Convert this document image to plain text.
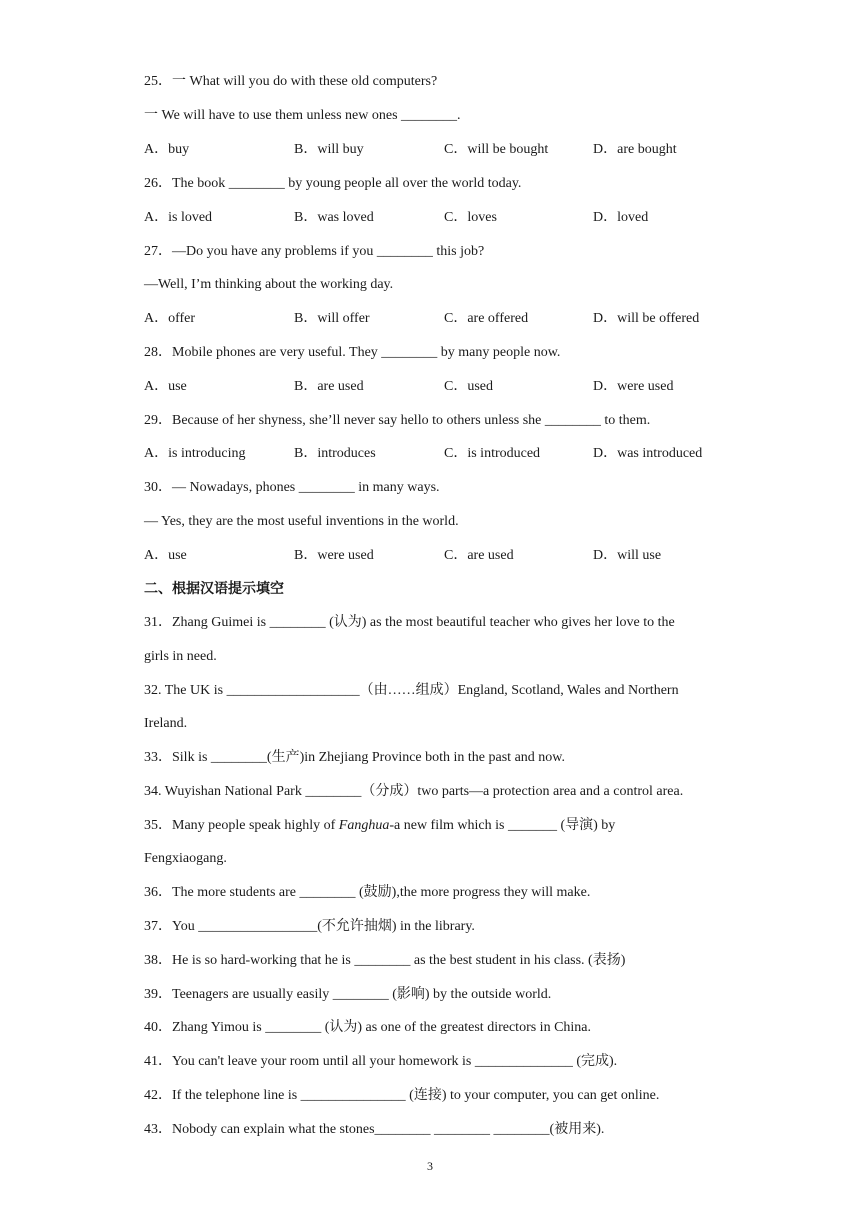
25．一 What will you do with these old computers?
一 We will have to use them unless new ones ________.
A．buy	B．will buy	C．will be bought	D．are bought
26．The book ________ by young people all over the world today.
A．is loved	B．was loved	C．loves	D．loved
27．—Do you have any problems if you ________ this job?
—Well, I’m thinking about the working day.
A．offer	B．will offer	C．are offered	D．will be offered
28．Mobile phones are very useful. They ________ by many people now.
A．use	B．are used	C．used	D．were used
29．Because of her shyness, she’ll never say hello to others unless she ________ to them.
A．is introducing	B．introduces	C．is introduced	D．was introduced
30．— Nowadays, phones ________ in many ways.
— Yes, they are the most useful inventions in the world.
A．use	B．were used	C．are used	D．will use
二、根据汉语提示填空
31．Zhang Guimei is ________ (认为) as the most beautiful teacher who gives her love to the
girls in need.
32. The UK is ___________________（由……组成）England, Scotland, Wales and Northern
Ireland.
33．Silk is ________(生产)in Zhejiang Province both in the past and now.
34. Wuyishan National Park ________（分成）two parts—a protection area and a control area.
35．Many people speak highly of Fanghua-a new film which is _______ (导演) by
Fengxiaogang.
36．The more students are ________ (鼓励),the more progress they will make.
37．You _________________(不允许抽烟) in the library.
38．He is so hard-working that he is ________ as the best student in his class. (表扬)
39．Teenagers are usually easily ________ (影响) by the outside world.
40．Zhang Yimou is ________ (认为) as one of the greatest directors in China.
41．You can't leave your room until all your homework is ______________ (完成).
42．If the telephone line is _______________ (连接) to your computer, you can get online.
43．Nobody can explain what the stones________ ________ ________(被用来).
3
